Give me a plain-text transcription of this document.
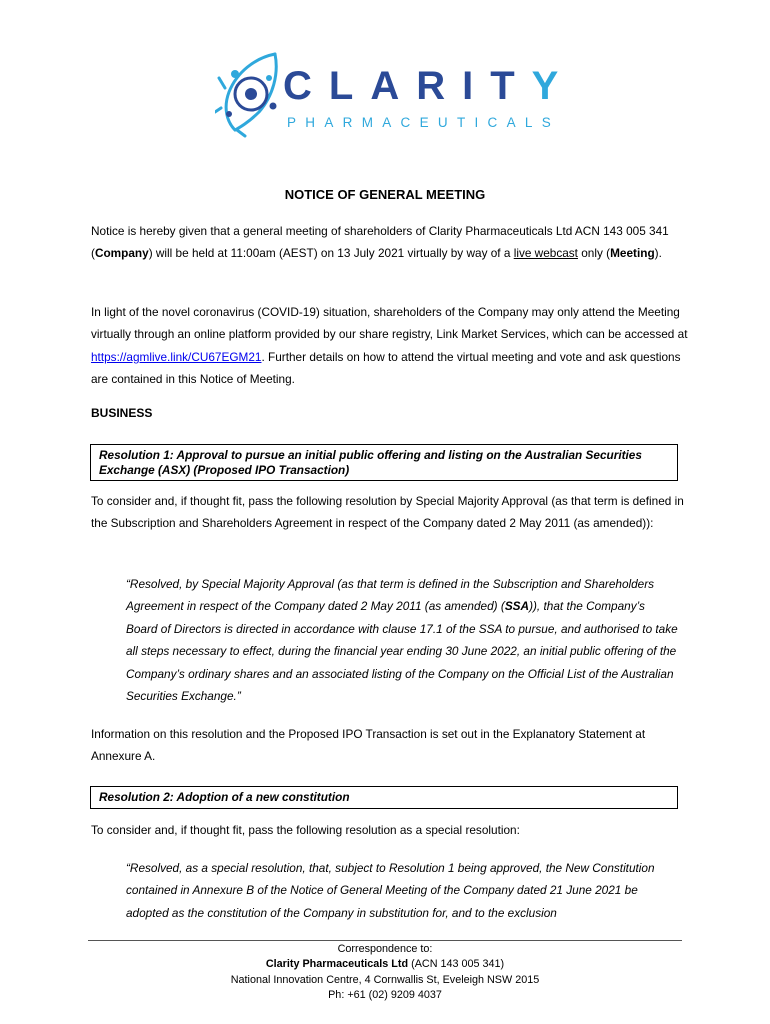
CLARITY
PHARMACEUTICALS
NOTICE OF GENERAL MEETING
Notice is hereby given that a general meeting of shareholders of Clarity Pharmaceuticals Ltd ACN 143 005 341 (Company) will be held at 11:00am (AEST) on 13 July 2021 virtually by way of a live webcast only (Meeting).
In light of the novel coronavirus (COVID-19) situation, shareholders of the Company may only attend the Meeting virtually through an online platform provided by our share registry, Link Market Services, which can be accessed at https://agmlive.link/CU67EGM21. Further details on how to attend the virtual meeting and vote and ask questions are contained in this Notice of Meeting.
BUSINESS
Resolution 1: Approval to pursue an initial public offering and listing on the Australian Securities Exchange (ASX) (Proposed IPO Transaction)
To consider and, if thought fit, pass the following resolution by Special Majority Approval (as that term is defined in the Subscription and Shareholders Agreement in respect of the Company dated 2 May 2011 (as amended)):
“Resolved, by Special Majority Approval (as that term is defined in the Subscription and Shareholders Agreement in respect of the Company dated 2 May 2011 (as amended) (SSA)), that the Company’s Board of Directors is directed in accordance with clause 17.1 of the SSA to pursue, and authorised to take all steps necessary to effect, during the financial year ending 30 June 2022, an initial public offering of the Company’s ordinary shares and an associated listing of the Company on the Official List of the Australian Securities Exchange.”
Information on this resolution and the Proposed IPO Transaction is set out in the Explanatory Statement at Annexure A.
Resolution 2: Adoption of a new constitution
To consider and, if thought fit, pass the following resolution as a special resolution:
“Resolved, as a special resolution, that, subject to Resolution 1 being approved, the New Constitution contained in Annexure B of the Notice of General Meeting of the Company dated 21 June 2021 be adopted as the constitution of the Company in substitution for, and to the exclusion
Correspondence to:
Clarity Pharmaceuticals Ltd (ACN 143 005 341)
National Innovation Centre, 4 Cornwallis St, Eveleigh NSW 2015
Ph: +61 (02) 9209 4037
